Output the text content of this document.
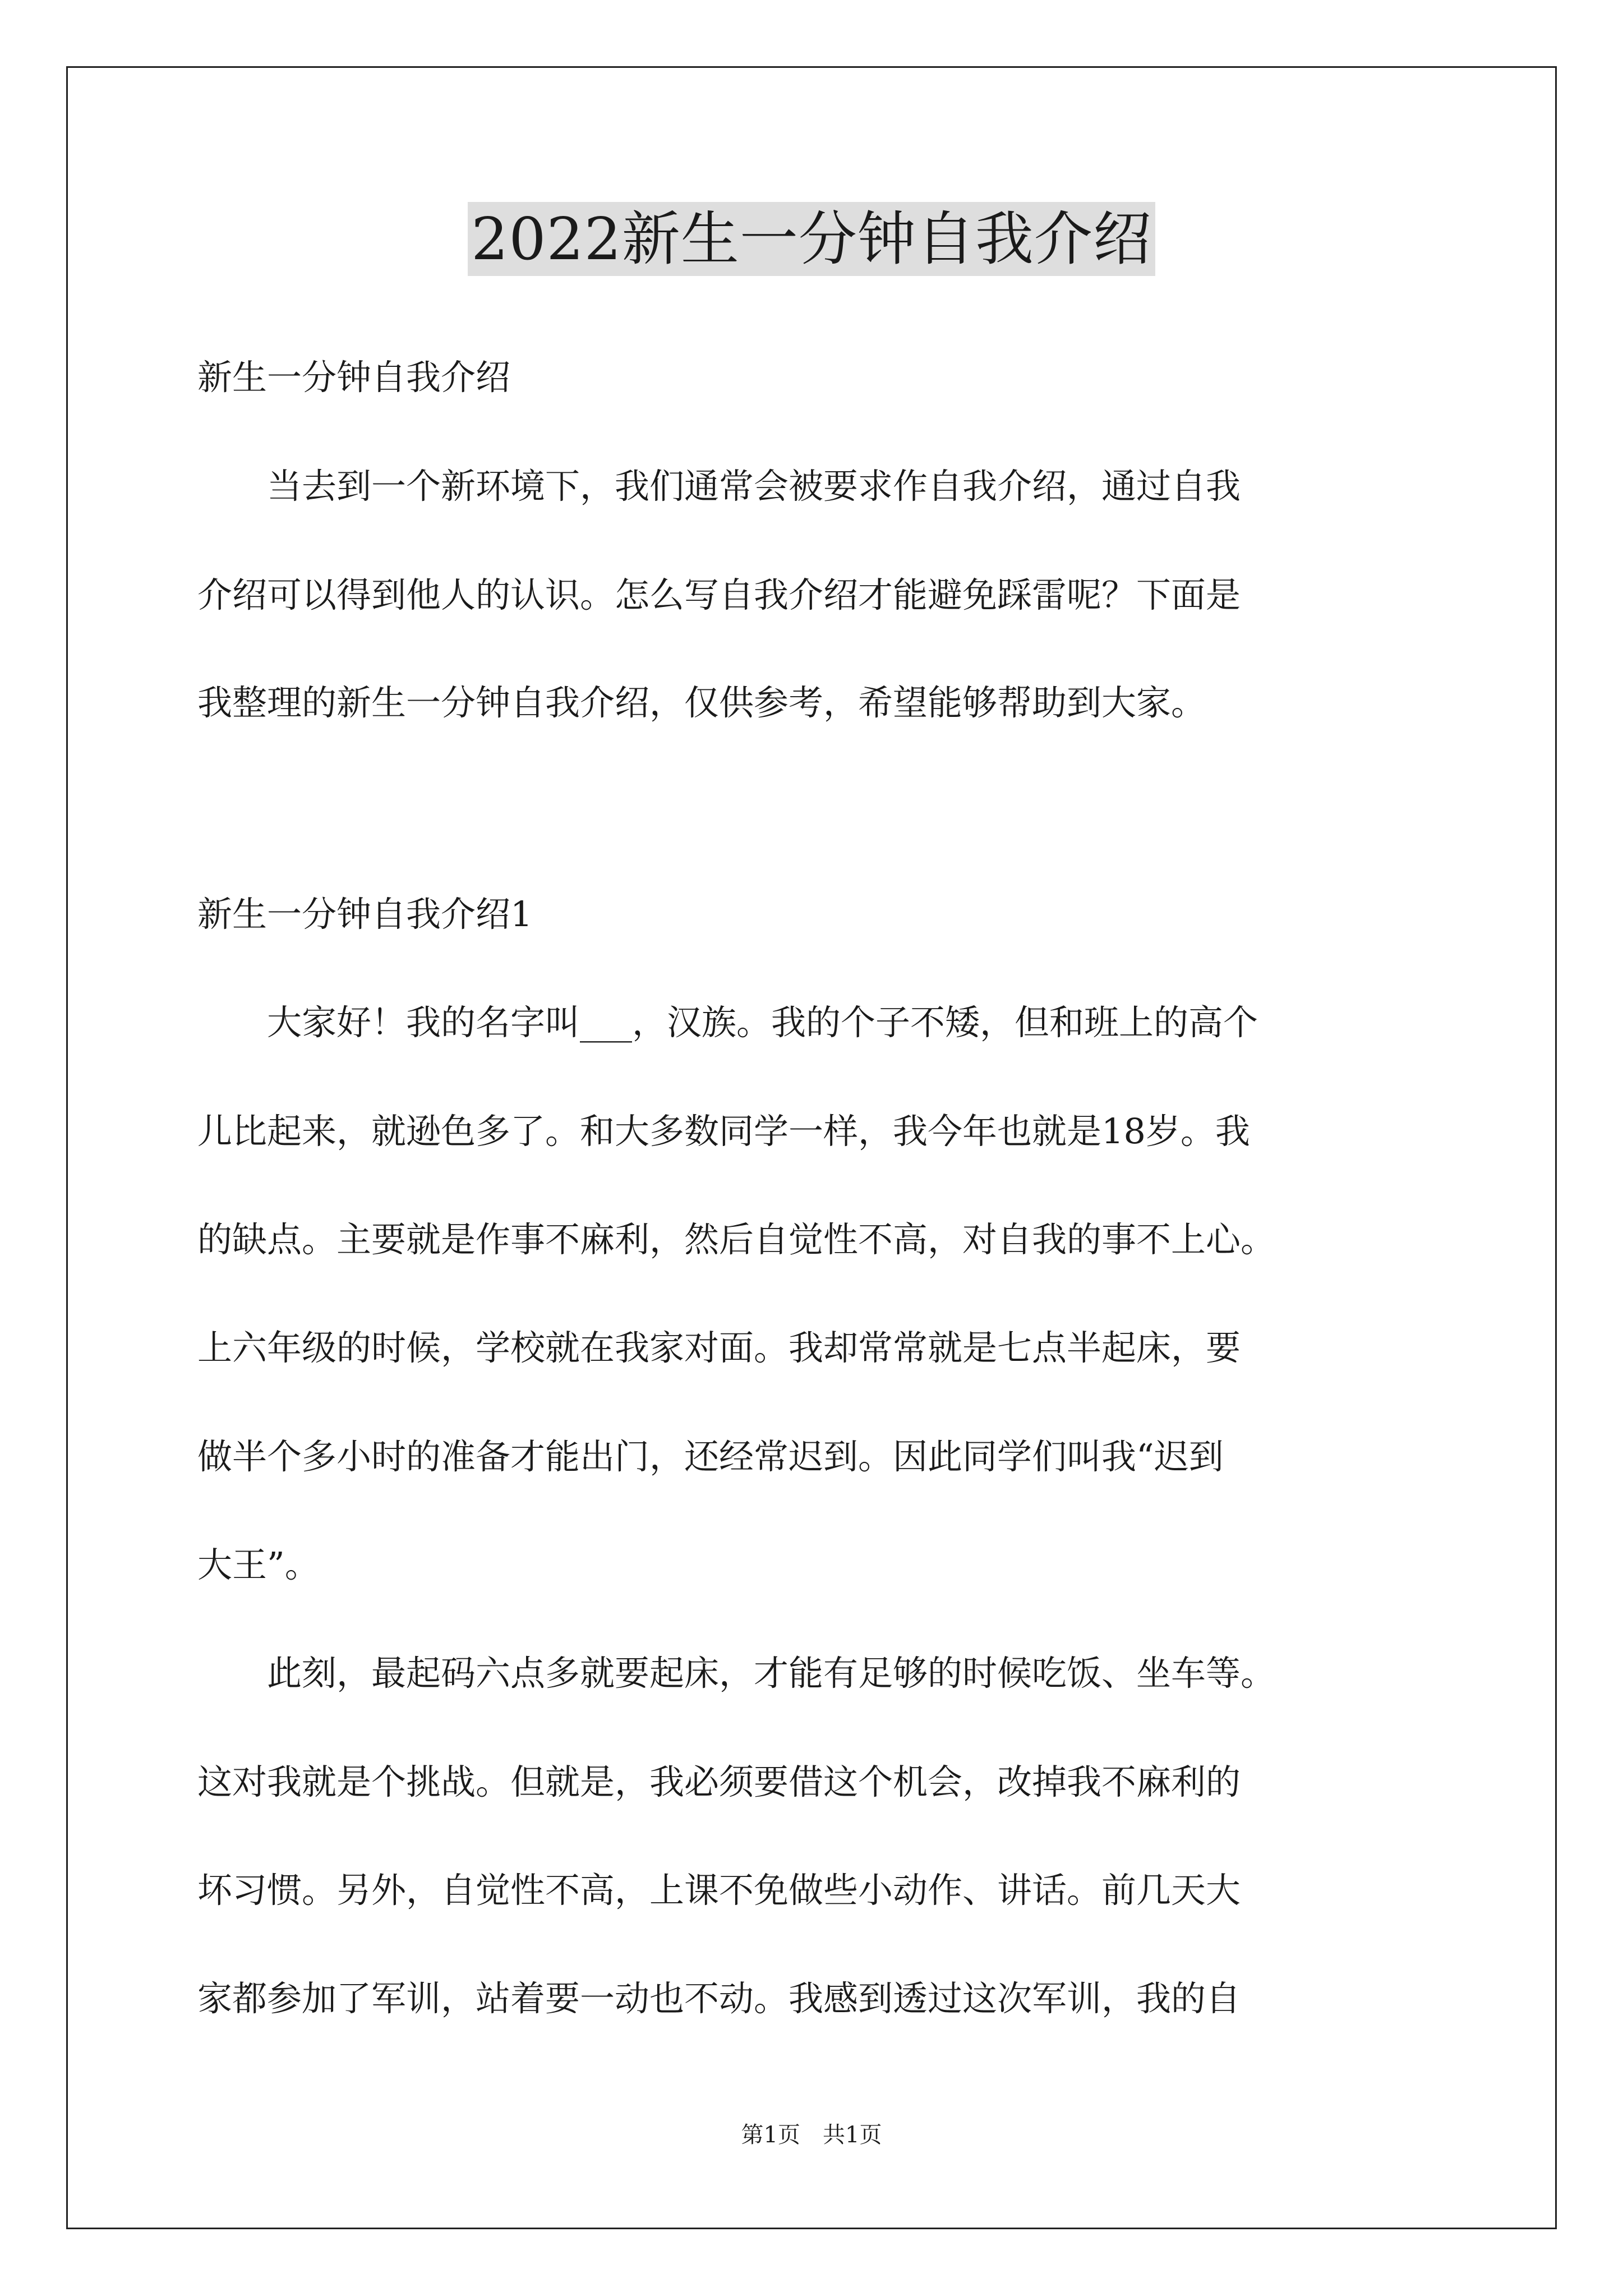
2022新生一分钟自我介绍
新生一分钟自我介绍
　　当去到一个新环境下，我们通常会被要求作自我介绍，通过自我
介绍可以得到他人的认识。怎么写自我介绍才能避免踩雷呢？下面是
我整理的新生一分钟自我介绍，仅供参考，希望能够帮助到大家。
新生一分钟自我介绍1
　　大家好！我的名字叫___，汉族。我的个子不矮，但和班上的高个
儿比起来，就逊色多了。和大多数同学一样，我今年也就是18岁。我
的缺点。主要就是作事不麻利，然后自觉性不高，对自我的事不上心。
上六年级的时候，学校就在我家对面。我却常常就是七点半起床，要
做半个多小时的准备才能出门，还经常迟到。因此同学们叫我“迟到
大王”。
　　此刻，最起码六点多就要起床，才能有足够的时候吃饭、坐车等。
这对我就是个挑战。但就是，我必须要借这个机会，改掉我不麻利的
坏习惯。另外，自觉性不高，上课不免做些小动作、讲话。前几天大
家都参加了军训，站着要一动也不动。我感到透过这次军训，我的自
第1页　共1页
